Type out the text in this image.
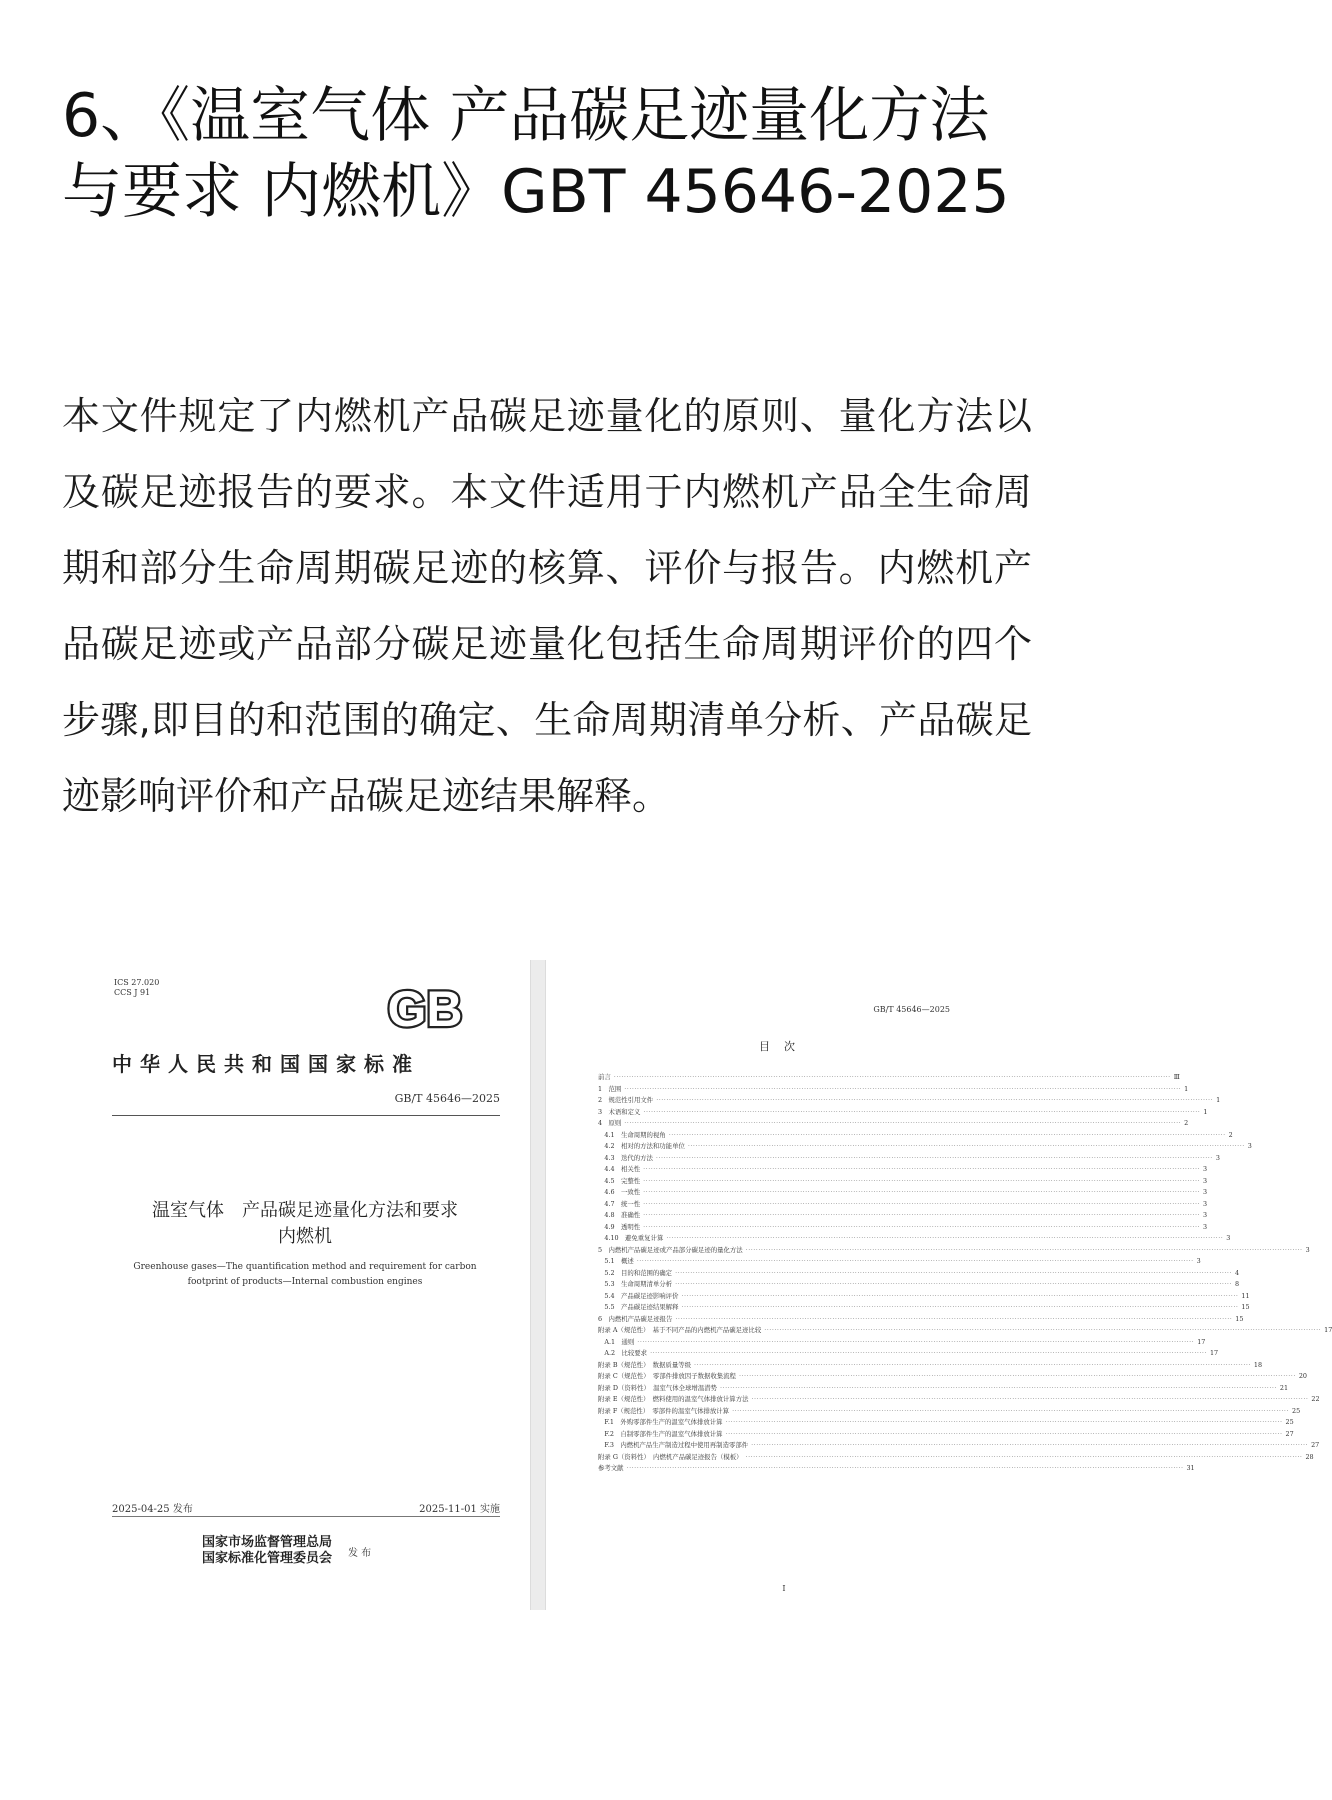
6、《温室气体 产品碳足迹量化方法与要求 内燃机》GBT 45646-2025

本文件规定了内燃机产品碳足迹量化的原则、量化方法以及碳足迹报告的要求。本文件适用于内燃机产品全生命周期和部分生命周期碳足迹的核算、评价与报告。内燃机产品碳足迹或产品部分碳足迹量化包括生命周期评价的四个步骤,即目的和范围的确定、生命周期清单分析、产品碳足迹影响评价和产品碳足迹结果解释。

ICS 27.020
CCS J 91	GB
中华人民共和国国家标准
GB/T 45646—2025
温室气体　产品碳足迹量化方法和要求
内燃机
Greenhouse gases—The quantification method and requirement for carbon
footprint of products—Internal combustion engines
2025-04-25 发布	2025-11-01 实施
国家市场监督管理总局
国家标准化管理委员会 发 布
GB/T 45646—2025
目次
前言 ···························································································································································································································· Ⅲ
1　范围 ···························································································································································································································· 1
2　规范性引用文件 ···························································································································································································································· 1
3　术语和定义 ···························································································································································································································· 1
4　原则 ···························································································································································································································· 2
　4.1　生命周期的视角 ···························································································································································································································· 2
　4.2　相对的方法和功能单位 ···························································································································································································································· 3
　4.3　迭代的方法 ···························································································································································································································· 3
　4.4　相关性 ···························································································································································································································· 3
　4.5　完整性 ···························································································································································································································· 3
　4.6　一致性 ···························································································································································································································· 3
　4.7　统一性 ···························································································································································································································· 3
　4.8　准确性 ···························································································································································································································· 3
　4.9　透明性 ···························································································································································································································· 3
　4.10　避免重复计算 ···························································································································································································································· 3
5　内燃机产品碳足迹或产品部分碳足迹的量化方法 ···························································································································································································································· 3
　5.1　概述 ···························································································································································································································· 3
　5.2　目的和范围的确定 ···························································································································································································································· 4
　5.3　生命周期清单分析 ···························································································································································································································· 8
　5.4　产品碳足迹影响评价 ···························································································································································································································· 11
　5.5　产品碳足迹结果解释 ···························································································································································································································· 15
6　内燃机产品碳足迹报告 ···························································································································································································································· 15
附录 A（规范性）　基于不同产品的内燃机产品碳足迹比较 ···························································································································································································································· 17
　A.1　通则 ···························································································································································································································· 17
　A.2　比较要求 ···························································································································································································································· 17
附录 B（规范性）　数据质量等级 ···························································································································································································································· 18
附录 C（规范性）　零部件排放因子数据收集流程 ···························································································································································································································· 20
附录 D（资料性）　温室气体全球增温潜势 ···························································································································································································································· 21
附录 E（规范性）　燃料使用的温室气体排放计算方法 ···························································································································································································································· 22
附录 F（规范性）　零部件的温室气体排放计算 ···························································································································································································································· 25
　F.1　外购零部件生产的温室气体排放计算 ···························································································································································································································· 25
　F.2　自制零部件生产的温室气体排放计算 ···························································································································································································································· 27
　F.3　内燃机产品生产制造过程中使用再制造零部件 ···························································································································································································································· 27
附录 G（资料性）　内燃机产品碳足迹报告（模板） ···························································································································································································································· 28
参考文献 ···························································································································································································································· 31
I
